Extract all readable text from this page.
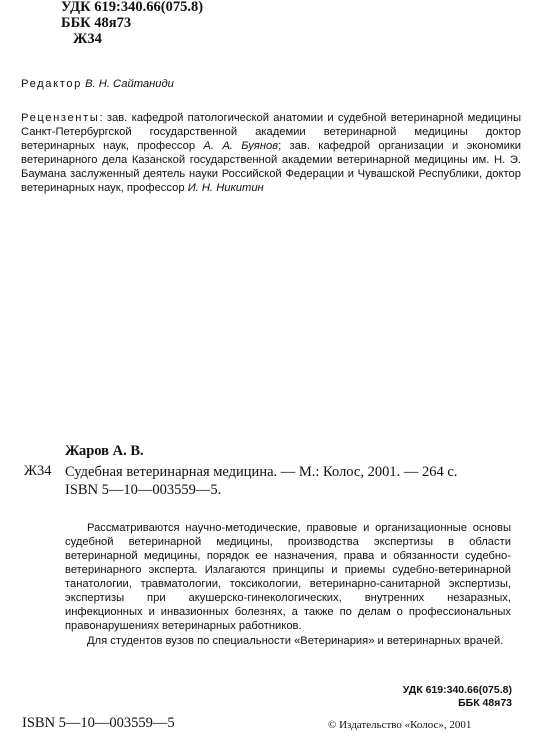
УДК 619:340.66(075.8)
ББК 48я73
Ж34
Редактор В. Н. Сайтаниди
Рецензенты: зав. кафедрой патологической анатомии и судебной ветеринарной медицины Санкт-Петербургской государственной академии ветеринарной медицины доктор ветеринарных наук, профессор А. А. Буянов; зав. кафедрой организации и экономики ветеринарного дела Казанской государственной академии ветеринарной медицины им. Н. Э. Баумана заслуженный деятель науки Российской Федерации и Чувашской Республики, доктор ветеринарных наук, профессор И. Н. Никитин
Жаров А. В.
Ж34 Судебная ветеринарная медицина. — М.: Колос, 2001. — 264 с.

ISBN 5—10—003559—5.

Рассматриваются научно-методические, правовые и организационные основы судебной ветеринарной медицины, производства экспертизы в области ветеринарной медицины, порядок ее назначения, права и обязанности судебно-ветеринарного эксперта. Излагаются принципы и приемы судебно-ветеринарной танатологии, травматологии, токсикологии, ветеринарно-санитарной экспертизы, экспертизы при акушерско-гинекологических, внутренних незаразных, инфекционных и инвазионных болезнях, а также по делам о профессиональных правонарушениях ветеринарных работников.

Для студентов вузов по специальности «Ветеринария» и ветеринарных врачей.

УДК 619:340.66(075.8)
ББК 48я73
ISBN 5—10—003559—5	© Издательство «Колос», 2001
